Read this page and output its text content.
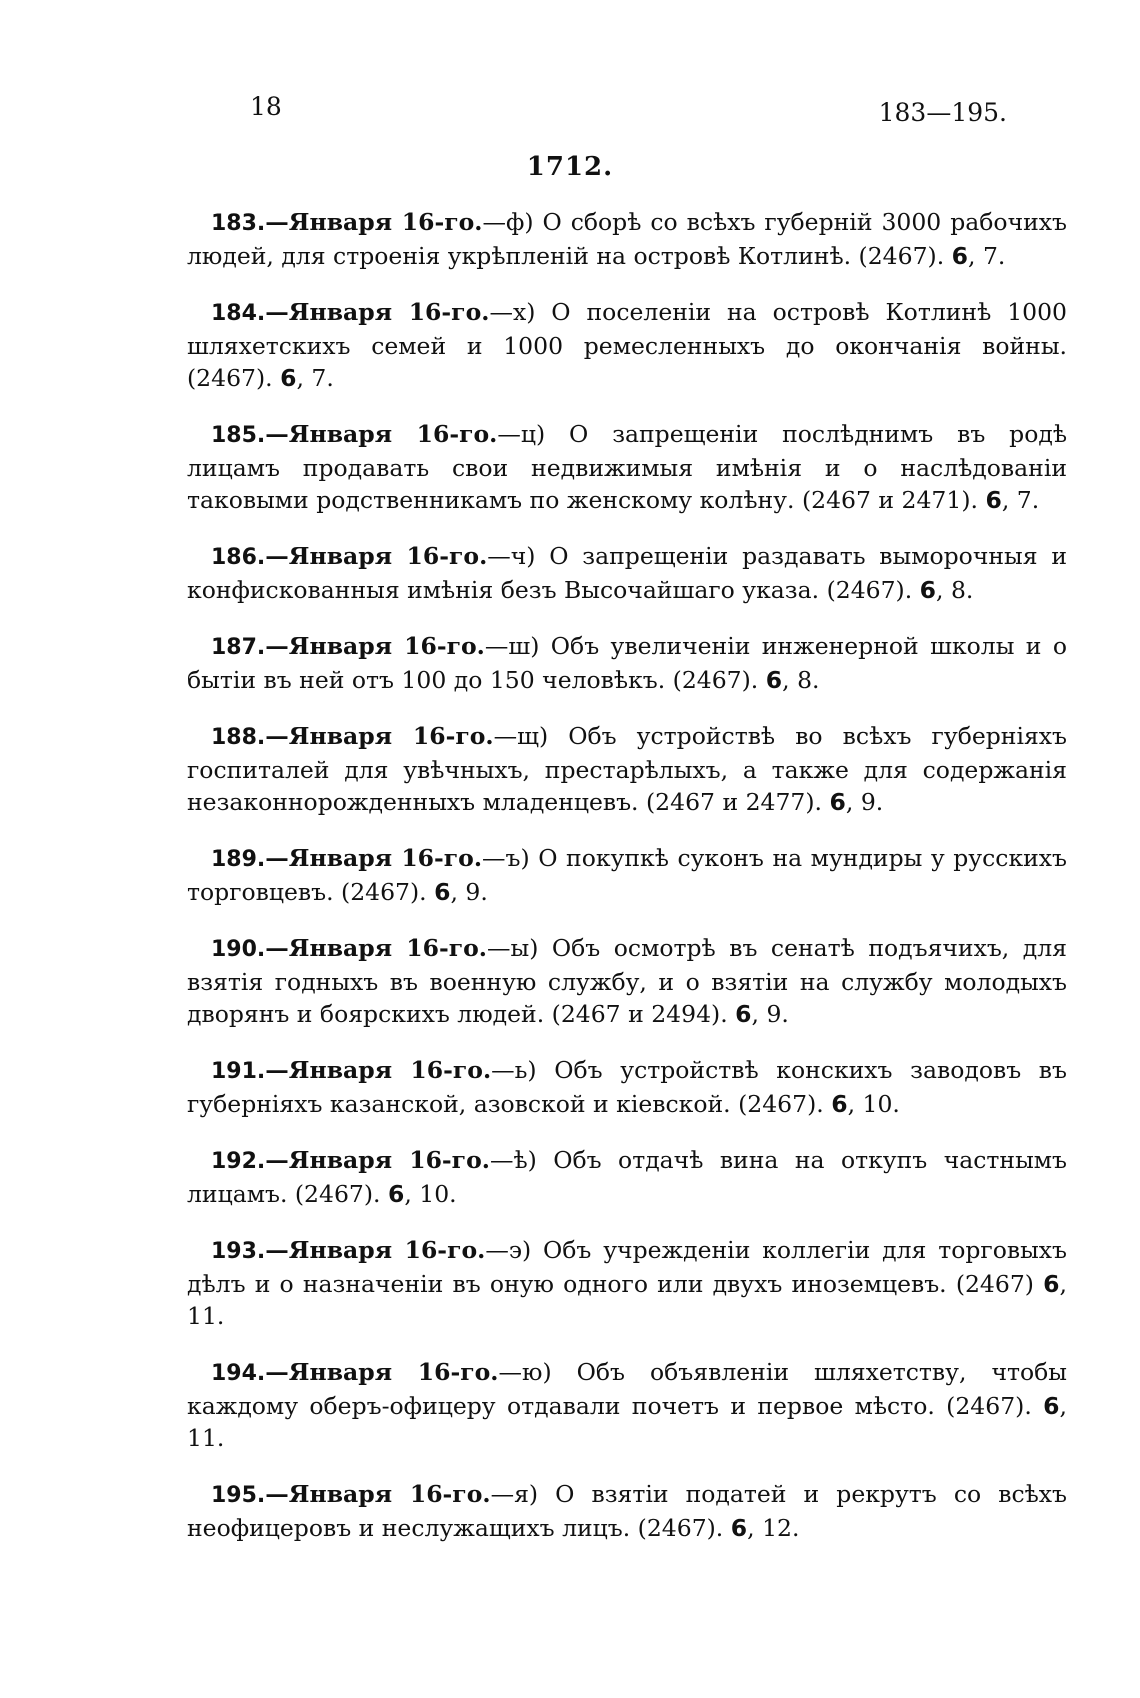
18	183—195.
1712.

183.—Января 16-го.—ф) О сборѣ со всѣхъ губерній 3000 рабочихъ людей, для строенія укрѣпленій на островѣ Котлинѣ. (2467). 6, 7.

184.—Января 16-го.—х) О поселеніи на островѣ Котлинѣ 1000 шляхетскихъ семей и 1000 ремесленныхъ до окончанія войны. (2467). 6, 7.

185.—Января 16-го.—ц) О запрещеніи послѣднимъ въ родѣ лицамъ продавать свои недвижимыя имѣнія и о наслѣдованіи таковыми родственникамъ по женскому колѣну. (2467 и 2471). 6, 7.

186.—Января 16-го.—ч) О запрещеніи раздавать выморочныя и конфискованныя имѣнія безъ Высочайшаго указа. (2467). 6, 8.

187.—Января 16-го.—ш) Объ увеличеніи инженерной школы и о бытіи въ ней отъ 100 до 150 человѣкъ. (2467). 6, 8.

188.—Января 16-го.—щ) Объ устройствѣ во всѣхъ губерніяхъ госпиталей для увѣчныхъ, престарѣлыхъ, а также для содержанія незаконнорожденныхъ младенцевъ. (2467 и 2477). 6, 9.

189.—Января 16-го.—ъ) О покупкѣ суконъ на мундиры у русскихъ торговцевъ. (2467). 6, 9.

190.—Января 16-го.—ы) Объ осмотрѣ въ сенатѣ подъячихъ, для взятія годныхъ въ военную службу, и о взятіи на службу молодыхъ дворянъ и боярскихъ людей. (2467 и 2494). 6, 9.

191.—Января 16-го.—ь) Объ устройствѣ конскихъ заводовъ въ губерніяхъ казанской, азовской и кіевской. (2467). 6, 10.

192.—Января 16-го.—ѣ) Объ отдачѣ вина на откупъ частнымъ лицамъ. (2467). 6, 10.

193.—Января 16-го.—э) Объ учрежденіи коллегіи для торговыхъ дѣлъ и о назначеніи въ оную одного или двухъ иноземцевъ. (2467) 6, 11.

194.—Января 16-го.—ю) Объ объявленіи шляхетству, чтобы каждому оберъ-офицеру отдавали почетъ и первое мѣсто. (2467). 6, 11.

195.—Января 16-го.—я) О взятіи податей и рекрутъ со всѣхъ неофицеровъ и неслужащихъ лицъ. (2467). 6, 12.
